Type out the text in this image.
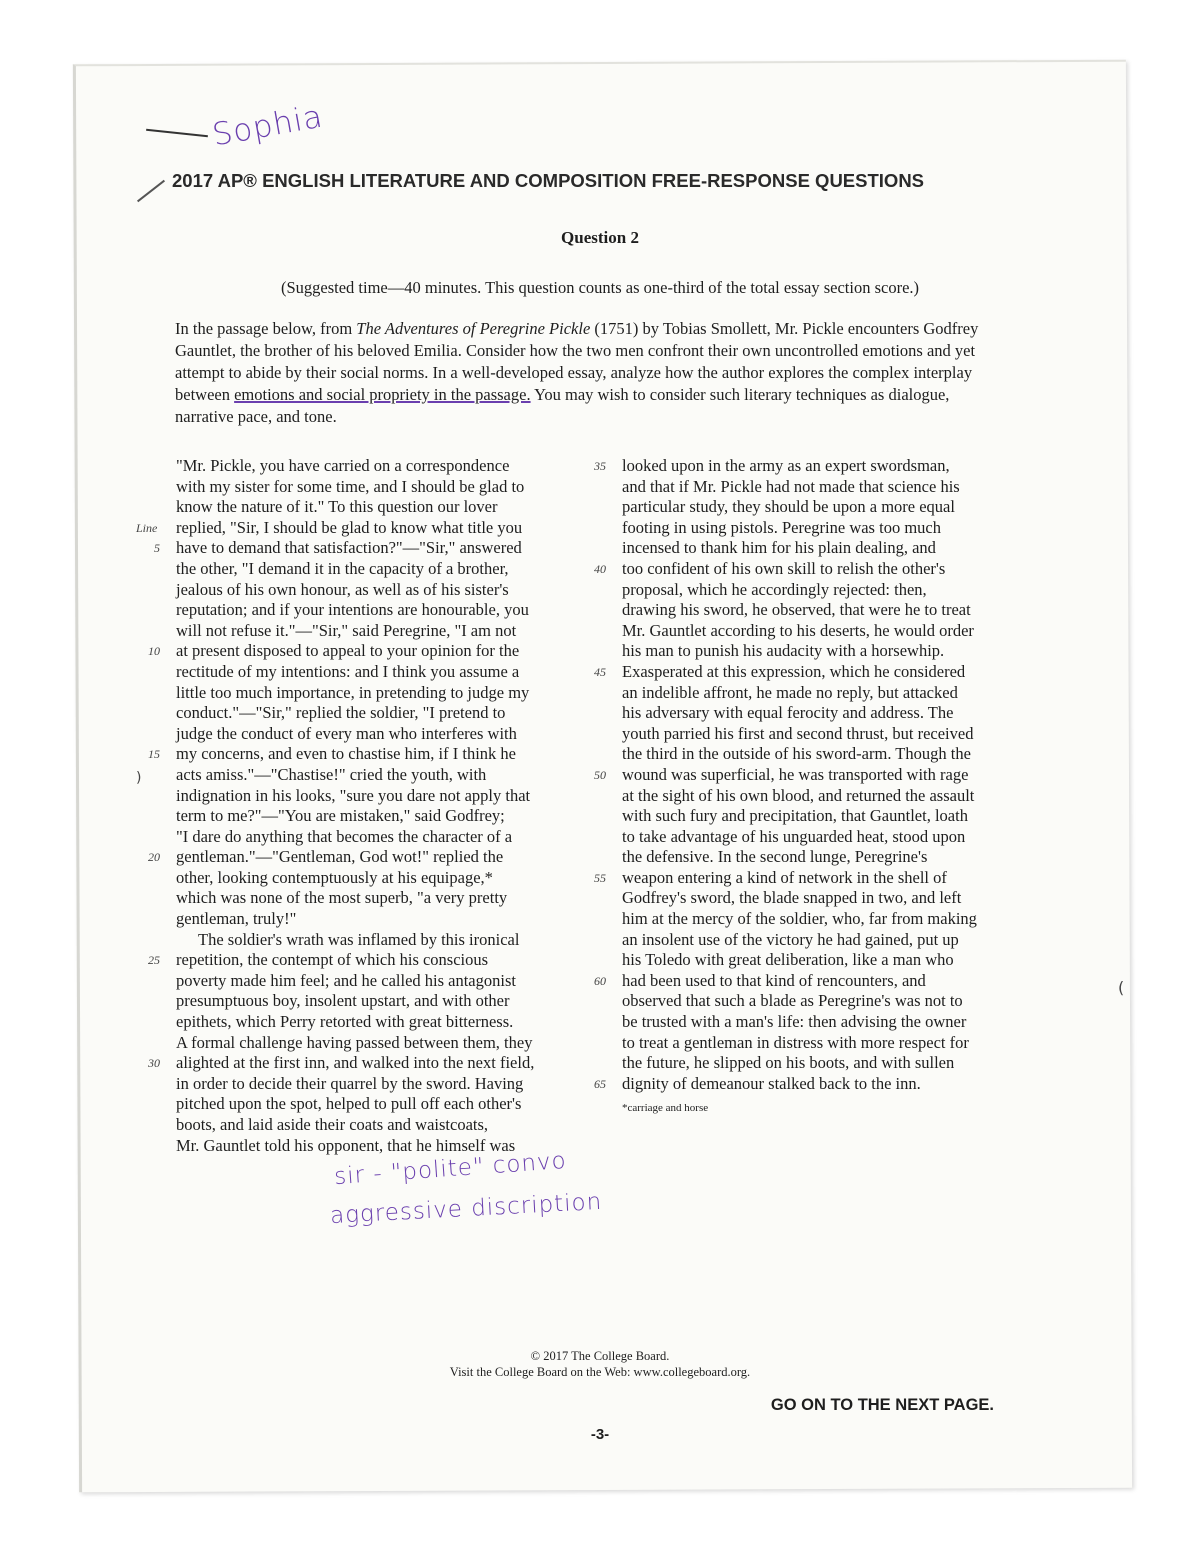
Sophia
2017 AP® ENGLISH LITERATURE AND COMPOSITION FREE-RESPONSE QUESTIONS
Question 2
(Suggested time—40 minutes. This question counts as one-third of the total essay section score.)
In the passage below, from The Adventures of Peregrine Pickle (1751) by Tobias Smollett, Mr. Pickle encounters Godfrey Gauntlet, the brother of his beloved Emilia. Consider how the two men confront their own uncontrolled emotions and yet attempt to abide by their social norms. In a well-developed essay, analyze how the author explores the complex interplay between emotions and social propriety in the passage. You may wish to consider such literary techniques as dialogue, narrative pace, and tone.
Line
"Mr. Pickle, you have carried on a correspondence
with my sister for some time, and I should be glad to
know the nature of it." To this question our lover
replied, "Sir, I should be glad to know what title you
5 have to demand that satisfaction?"—"Sir," answered
the other, "I demand it in the capacity of a brother,
jealous of his own honour, as well as of his sister's
reputation; and if your intentions are honourable, you
will not refuse it."—"Sir," said Peregrine, "I am not
10 at present disposed to appeal to your opinion for the
rectitude of my intentions: and I think you assume a
little too much importance, in pretending to judge my
conduct."—"Sir," replied the soldier, "I pretend to
judge the conduct of every man who interferes with
15 my concerns, and even to chastise him, if I think he
acts amiss."—"Chastise!" cried the youth, with
indignation in his looks, "sure you dare not apply that
term to me?"—"You are mistaken," said Godfrey;
"I dare do anything that becomes the character of a
20 gentleman."—"Gentleman, God wot!" replied the
other, looking contemptuously at his equipage,*
which was none of the most superb, "a very pretty
gentleman, truly!"
The soldier's wrath was inflamed by this ironical
25 repetition, the contempt of which his conscious
poverty made him feel; and he called his antagonist
presumptuous boy, insolent upstart, and with other
epithets, which Perry retorted with great bitterness.
A formal challenge having passed between them, they
30 alighted at the first inn, and walked into the next field,
in order to decide their quarrel by the sword. Having
pitched upon the spot, helped to pull off each other's
boots, and laid aside their coats and waistcoats,
Mr. Gauntlet told his opponent, that he himself was
35 looked upon in the army as an expert swordsman,
and that if Mr. Pickle had not made that science his
particular study, they should be upon a more equal
footing in using pistols. Peregrine was too much
incensed to thank him for his plain dealing, and
40 too confident of his own skill to relish the other's
proposal, which he accordingly rejected: then,
drawing his sword, he observed, that were he to treat
Mr. Gauntlet according to his deserts, he would order
his man to punish his audacity with a horsewhip.
45 Exasperated at this expression, which he considered
an indelible affront, he made no reply, but attacked
his adversary with equal ferocity and address. The
youth parried his first and second thrust, but received
the third in the outside of his sword-arm. Though the
50 wound was superficial, he was transported with rage
at the sight of his own blood, and returned the assault
with such fury and precipitation, that Gauntlet, loath
to take advantage of his unguarded heat, stood upon
the defensive. In the second lunge, Peregrine's
55 weapon entering a kind of network in the shell of
Godfrey's sword, the blade snapped in two, and left
him at the mercy of the soldier, who, far from making
an insolent use of the victory he had gained, put up
his Toledo with great deliberation, like a man who
60 had been used to that kind of rencounters, and
observed that such a blade as Peregrine's was not to
be trusted with a man's life: then advising the owner
to treat a gentleman in distress with more respect for
the future, he slipped on his boots, and with sullen
65 dignity of demeanour stalked back to the inn.
*carriage and horse
sir - "polite" convo
aggressive discription
© 2017 The College Board.
Visit the College Board on the Web: www.collegeboard.org.
GO ON TO THE NEXT PAGE.
-3-
(
)
